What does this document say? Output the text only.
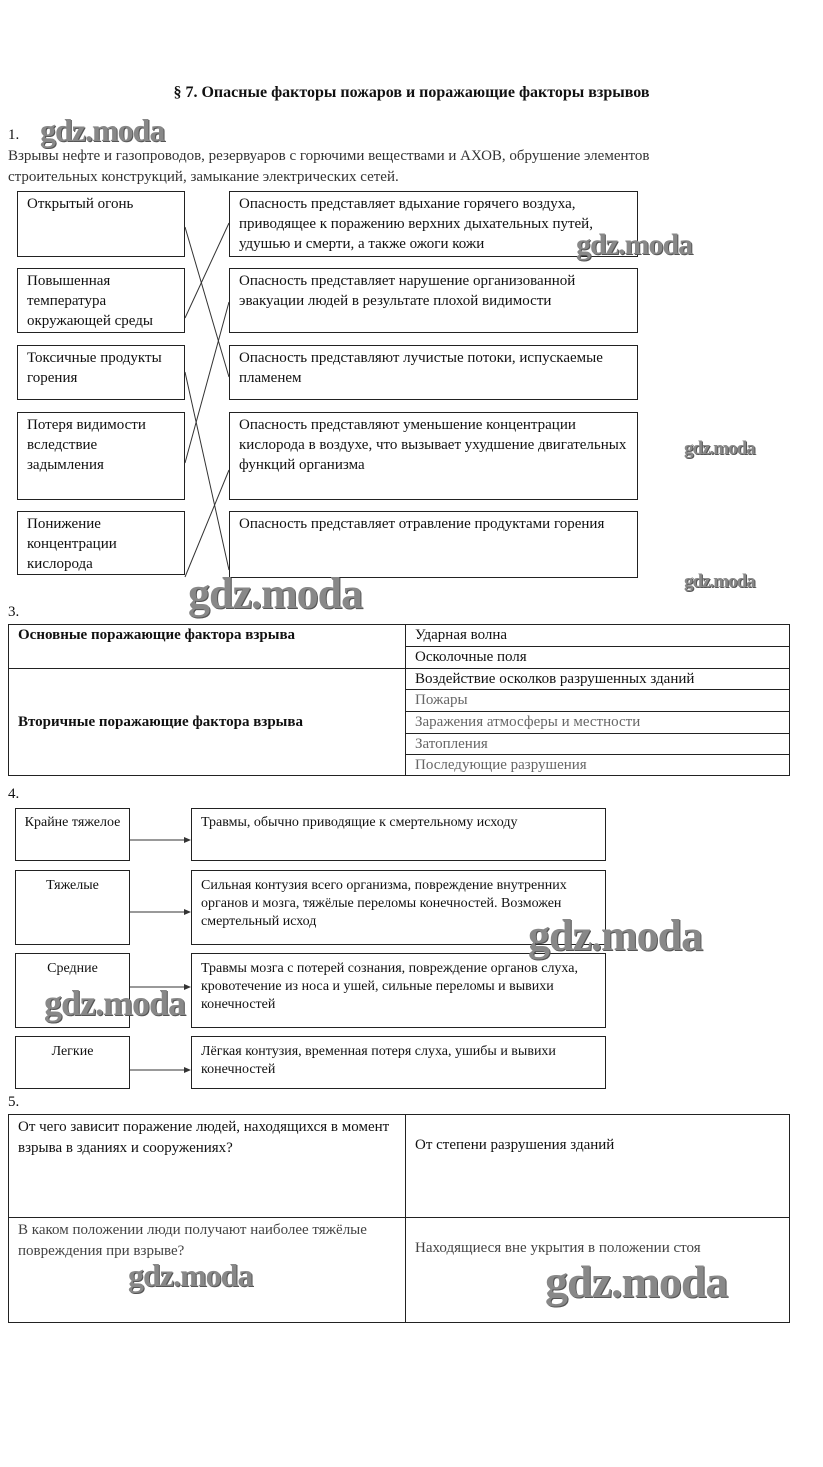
§ 7. Опасные факторы пожаров и поражающие факторы взрывов
1.
Взрывы нефте и газопроводов, резервуаров с горючими веществами и АХОВ, обрушение элементов строительных конструкций, замыкание электрических сетей.
Открытый огонь
Повышенная температура окружающей среды
Токсичные продукты горения
Потеря видимости вследствие задымления
Понижение концентрации кислорода
Опасность представляет вдыхание горячего воздуха, приводящее к поражению верхних дыхательных путей, удушью и смерти, а также ожоги кожи
Опасность представляет нарушение организованной эвакуации людей в результате плохой видимости
Опасность представляют лучистые потоки, испускаемые пламенем
Опасность представляют уменьшение концентрации кислорода в воздухе, что вызывает ухудшение двигательных функций организма
Опасность представляет отравление продуктами горения
3.
Основные поражающие фактора взрыва	Ударная волна
	Осколочные поля
Вторичные поражающие фактора взрыва	Воздействие осколков разрушенных зданий
	Пожары
	Заражения атмосферы и местности
	Затопления
	Последующие разрушения
4.
Крайне тяжелое
Тяжелые
Средние
Легкие
Травмы, обычно приводящие к смертельному исходу
Сильная контузия всего организма, повреждение внутренних органов и мозга, тяжёлые переломы конечностей. Возможен смертельный исход
Травмы мозга с потерей сознания, повреждение органов слуха, кровотечение из носа и ушей, сильные переломы и вывихи конечностей
Лёгкая контузия, временная потеря слуха, ушибы и вывихи конечностей
5.
От чего зависит поражение людей, находящихся в момент взрыва в зданиях и сооружениях?	От степени разрушения зданий
В каком положении люди получают наиболее тяжёлые повреждения при взрыве?	Находящиеся вне укрытия в положении стоя
gdz.moda
gdz.moda
gdz.moda
gdz.moda
gdz.moda
gdz.moda
gdz.moda
gdz.moda	gdz.moda
